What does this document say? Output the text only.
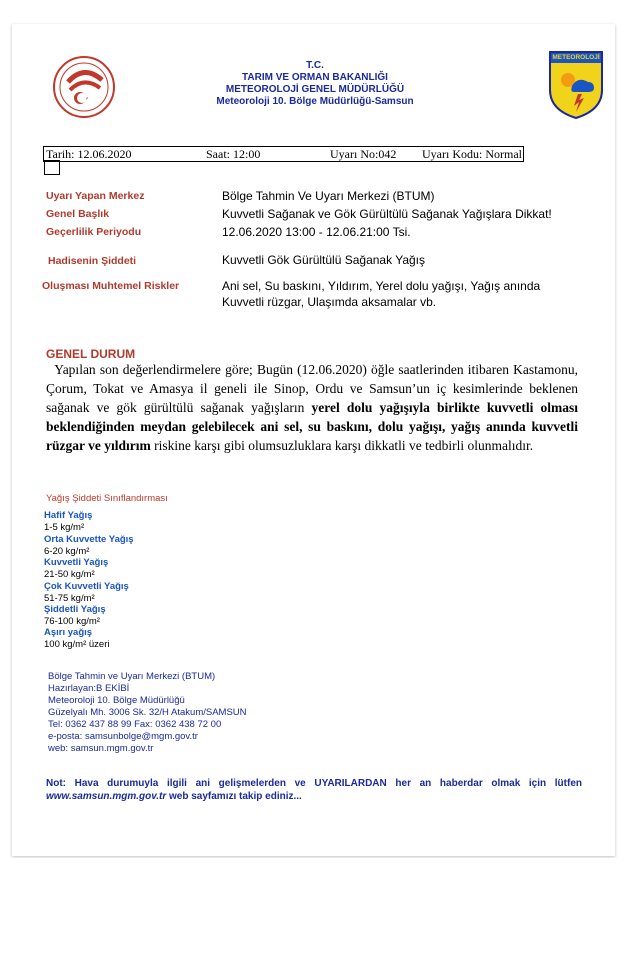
T.C.
TARIM VE ORMAN BAKANLIĞI
METEOROLOJİ GENEL MÜDÜRLÜĞÜ
Meteoroloji 10. Bölge Müdürlüğü-Samsun
METEOROLOJİ
Tarih: 12.06.2020	Saat: 12:00	Uyarı No:042 Uyarı Kodu: Normal
Uyarı Yapan Merkez	Bölge Tahmin Ve Uyarı Merkezi (BTUM)
Genel Başlık	Kuvvetli Sağanak ve Gök Gürültülü Sağanak Yağışlara Dikkat!
Geçerlilik Periyodu	12.06.2020 13:00 - 12.06.21:00 Tsi.
Hadisenin Şiddeti	Kuvvetli Gök Gürültülü Sağanak Yağış
Oluşması Muhtemel Riskler	Ani sel, Su baskını, Yıldırım, Yerel dolu yağışı, Yağış anında
Kuvvetli rüzgar, Ulaşımda aksamalar vb.
GENEL DURUM
Yapılan son değerlendirmelere göre; Bugün (12.06.2020) öğle saatlerinden itibaren Kastamonu, Çorum, Tokat ve Amasya il geneli ile Sinop, Ordu ve Samsun’un iç kesimlerinde beklenen sağanak ve gök gürültülü sağanak yağışların yerel dolu yağışıyla birlikte kuvvetli olması beklendiğinden meydan gelebilecek ani sel, su baskını, dolu yağışı, yağış anında kuvvetli rüzgar ve yıldırım riskine karşı gibi olumsuzluklara karşı dikkatli ve tedbirli olunmalıdır.
Yağış Şiddeti Sınıflandırması
Hafif Yağış
1-5 kg/m²
Orta Kuvvette Yağış
6-20 kg/m²
Kuvvetli Yağış
21-50 kg/m²
Çok Kuvvetli Yağış
51-75 kg/m²
Şiddetli Yağış
76-100 kg/m²
Aşırı yağış
100 kg/m² üzeri
Bölge Tahmin ve Uyarı Merkezi (BTUM)
Hazırlayan:B EKİBİ
Meteoroloji 10. Bölge Müdürlüğü
Güzelyalı Mh. 3006 Sk. 32/H Atakum/SAMSUN
Tel: 0362 437 88 99 Fax: 0362 438 72 00
e-posta: samsunbolge@mgm.gov.tr
web: samsun.mgm.gov.tr
Not: Hava durumuyla ilgili ani gelişmelerden ve UYARILARDAN her an haberdar olmak için lütfen www.samsun.mgm.gov.tr web sayfamızı takip ediniz...
